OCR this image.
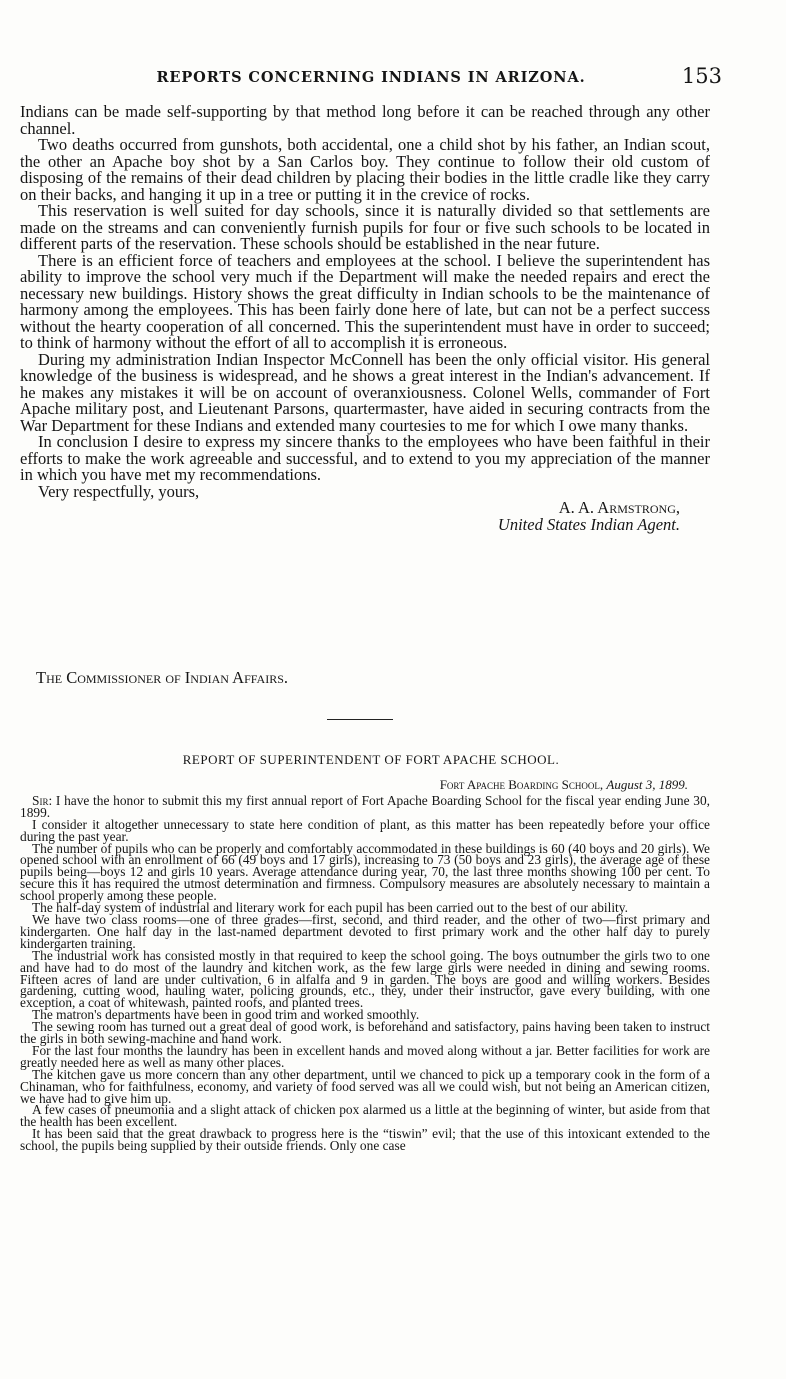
REPORTS CONCERNING INDIANS IN ARIZONA.	153

Indians can be made self-supporting by that method long before it can be reached through any other channel.

Two deaths occurred from gunshots, both accidental, one a child shot by his father, an Indian scout, the other an Apache boy shot by a San Carlos boy. They continue to follow their old custom of disposing of the remains of their dead children by placing their bodies in the little cradle like they carry on their backs, and hanging it up in a tree or putting it in the crevice of rocks.

This reservation is well suited for day schools, since it is naturally divided so that settlements are made on the streams and can conveniently furnish pupils for four or five such schools to be located in different parts of the reservation. These schools should be established in the near future.

There is an efficient force of teachers and employees at the school. I believe the superintendent has ability to improve the school very much if the Department will make the needed repairs and erect the necessary new buildings. History shows the great difficulty in Indian schools to be the maintenance of harmony among the employees. This has been fairly done here of late, but can not be a perfect success without the hearty cooperation of all concerned. This the superintendent must have in order to succeed; to think of harmony without the effort of all to accomplish it is erroneous.

During my administration Indian Inspector McConnell has been the only official visitor. His general knowledge of the business is widespread, and he shows a great interest in the Indian's advancement. If he makes any mistakes it will be on account of overanxiousness. Colonel Wells, commander of Fort Apache military post, and Lieutenant Parsons, quartermaster, have aided in securing contracts from the War Department for these Indians and extended many courtesies to me for which I owe many thanks.

In conclusion I desire to express my sincere thanks to the employees who have been faithful in their efforts to make the work agreeable and successful, and to extend to you my appreciation of the manner in which you have met my recommendations.

Very respectfully, yours,

A. A. Armstrong,
United States Indian Agent.
The Commissioner of Indian Affairs.
REPORT OF SUPERINTENDENT OF FORT APACHE SCHOOL.
Fort Apache Boarding School, August 3, 1899.

Sir: I have the honor to submit this my first annual report of Fort Apache Boarding School for the fiscal year ending June 30, 1899.

I consider it altogether unnecessary to state here condition of plant, as this matter has been repeatedly before your office during the past year.

The number of pupils who can be properly and comfortably accommodated in these buildings is 60 (40 boys and 20 girls). We opened school with an enrollment of 66 (49 boys and 17 girls), increasing to 73 (50 boys and 23 girls), the average age of these pupils being—boys 12 and girls 10 years. Average attendance during year, 70, the last three months showing 100 per cent. To secure this it has required the utmost determination and firmness. Compulsory measures are absolutely necessary to maintain a school properly among these people.

The half-day system of industrial and literary work for each pupil has been carried out to the best of our ability.

We have two class rooms—one of three grades—first, second, and third reader, and the other of two—first primary and kindergarten. One half day in the last-named department devoted to first primary work and the other half day to purely kindergarten training.

The industrial work has consisted mostly in that required to keep the school going. The boys outnumber the girls two to one and have had to do most of the laundry and kitchen work, as the few large girls were needed in dining and sewing rooms. Fifteen acres of land are under cultivation, 6 in alfalfa and 9 in garden. The boys are good and willing workers. Besides gardening, cutting wood, hauling water, policing grounds, etc., they, under their instructor, gave every building, with one exception, a coat of whitewash, painted roofs, and planted trees.

The matron's departments have been in good trim and worked smoothly.

The sewing room has turned out a great deal of good work, is beforehand and satisfactory, pains having been taken to instruct the girls in both sewing-machine and hand work.

For the last four months the laundry has been in excellent hands and moved along without a jar. Better facilities for work are greatly needed here as well as many other places.

The kitchen gave us more concern than any other department, until we chanced to pick up a temporary cook in the form of a Chinaman, who for faithfulness, economy, and variety of food served was all we could wish, but not being an American citizen, we have had to give him up.

A few cases of pneumonia and a slight attack of chicken pox alarmed us a little at the beginning of winter, but aside from that the health has been excellent.

It has been said that the great drawback to progress here is the “tiswin” evil; that the use of this intoxicant extended to the school, the pupils being supplied by their outside friends. Only one case
